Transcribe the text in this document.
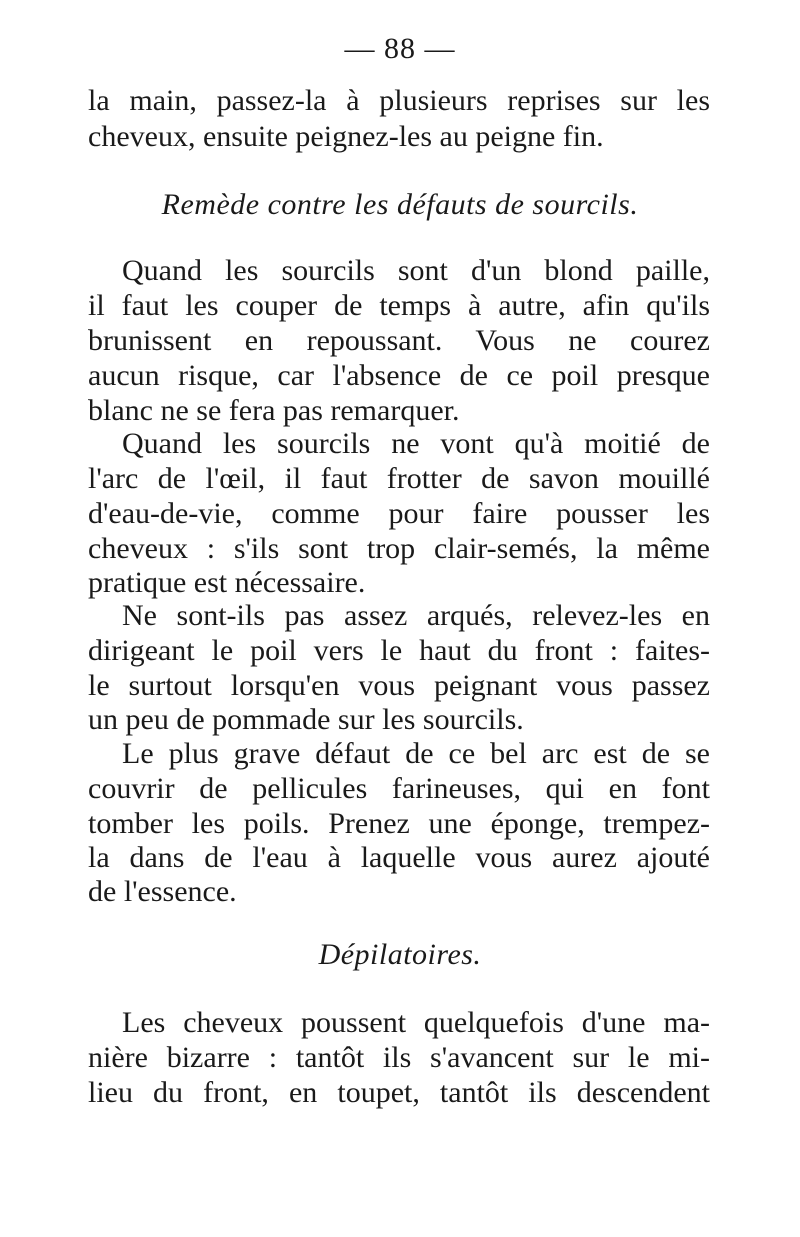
— 88 —
la main, passez-la à plusieurs reprises sur les
cheveux, ensuite peignez-les au peigne fin.
Remède contre les défauts de sourcils.
Quand les sourcils sont d'un blond paille,
il faut les couper de temps à autre, afin qu'ils
brunissent en repoussant. Vous ne courez
aucun risque, car l'absence de ce poil presque
blanc ne se fera pas remarquer.
Quand les sourcils ne vont qu'à moitié de
l'arc de l'œil, il faut frotter de savon mouillé
d'eau-de-vie, comme pour faire pousser les
cheveux : s'ils sont trop clair-semés, la même
pratique est nécessaire.
Ne sont-ils pas assez arqués, relevez-les en
dirigeant le poil vers le haut du front : faites-
le surtout lorsqu'en vous peignant vous passez
un peu de pommade sur les sourcils.
Le plus grave défaut de ce bel arc est de se
couvrir de pellicules farineuses, qui en font
tomber les poils. Prenez une éponge, trempez-
la dans de l'eau à laquelle vous aurez ajouté
de l'essence.
Dépilatoires.
Les cheveux poussent quelquefois d'une ma-
nière bizarre : tantôt ils s'avancent sur le mi-
lieu du front, en toupet, tantôt ils descendent
